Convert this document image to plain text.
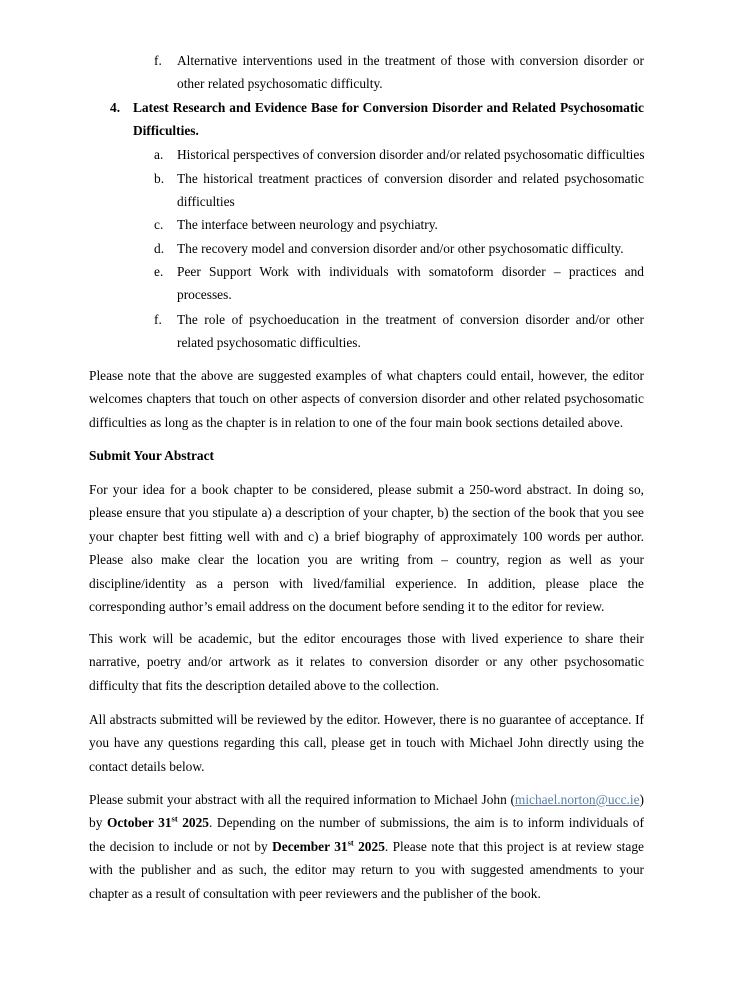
f. Alternative interventions used in the treatment of those with conversion disorder or other related psychosomatic difficulty.

4. Latest Research and Evidence Base for Conversion Disorder and Related Psychosomatic Difficulties.

a. Historical perspectives of conversion disorder and/or related psychosomatic difficulties

b. The historical treatment practices of conversion disorder and related psychosomatic difficulties

c. The interface between neurology and psychiatry.

d. The recovery model and conversion disorder and/or other psychosomatic difficulty.

e. Peer Support Work with individuals with somatoform disorder – practices and processes.

f. The role of psychoeducation in the treatment of conversion disorder and/or other related psychosomatic difficulties.

Please note that the above are suggested examples of what chapters could entail, however, the editor welcomes chapters that touch on other aspects of conversion disorder and other related psychosomatic difficulties as long as the chapter is in relation to one of the four main book sections detailed above.

Submit Your Abstract

For your idea for a book chapter to be considered, please submit a 250-word abstract. In doing so, please ensure that you stipulate a) a description of your chapter, b) the section of the book that you see your chapter best fitting well with and c) a brief biography of approximately 100 words per author. Please also make clear the location you are writing from – country, region as well as your discipline/identity as a person with lived/familial experience. In addition, please place the corresponding author’s email address on the document before sending it to the editor for review.

This work will be academic, but the editor encourages those with lived experience to share their narrative, poetry and/or artwork as it relates to conversion disorder or any other psychosomatic difficulty that fits the description detailed above to the collection.

All abstracts submitted will be reviewed by the editor. However, there is no guarantee of acceptance. If you have any questions regarding this call, please get in touch with Michael John directly using the contact details below.

Please submit your abstract with all the required information to Michael John (michael.norton@ucc.ie) by October 31st 2025. Depending on the number of submissions, the aim is to inform individuals of the decision to include or not by December 31st 2025. Please note that this project is at review stage with the publisher and as such, the editor may return to you with suggested amendments to your chapter as a result of consultation with peer reviewers and the publisher of the book.
